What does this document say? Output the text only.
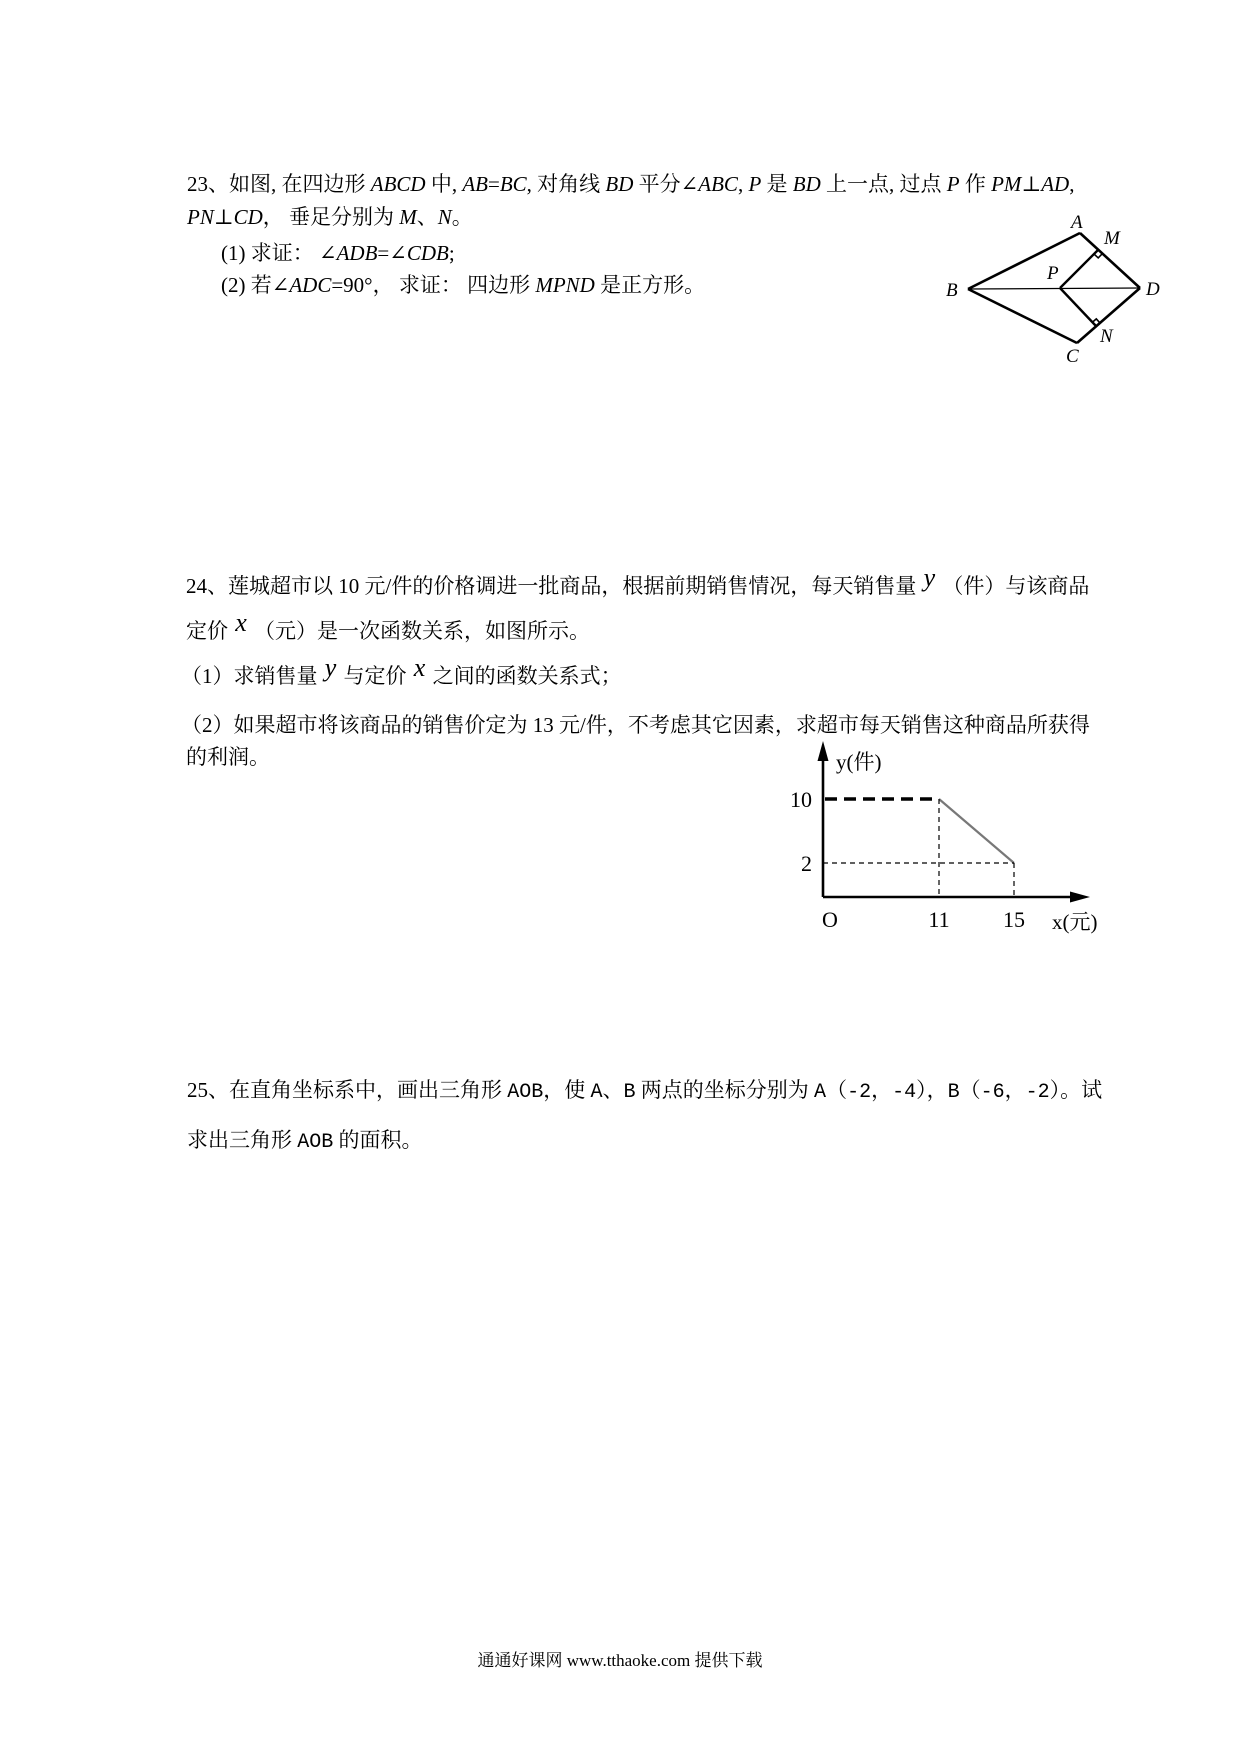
23、如图, 在四边形 ABCD 中, AB=BC, 对角线 BD 平分∠ABC, P 是 BD 上一点, 过点 P 作 PM⊥AD,

PN⊥CD， 垂足分别为 M、N。

(1) 求证： ∠ADB=∠CDB;

(2) 若∠ADC=90°， 求证： 四边形 MPND 是正方形。

A
M
B
P
D
N
C

24、莲城超市以 10 元/件的价格调进一批商品，根据前期销售情况，每天销售量 y （件）与该商品

定价 x （元）是一次函数关系，如图所示。

（1）求销售量 y 与定价 x 之间的函数关系式；

（2）如果超市将该商品的销售价定为 13 元/件，不考虑其它因素，求超市每天销售这种商品所获得

的利润。	y(件)
10
2
O	11 15 x(元)

25、在直角坐标系中，画出三角形 AOB，使 A、B 两点的坐标分别为 A（-2，-4），B（-6，-2）。试

求出三角形 AOB 的面积。

通通好课网 www.tthaoke.com 提供下载
